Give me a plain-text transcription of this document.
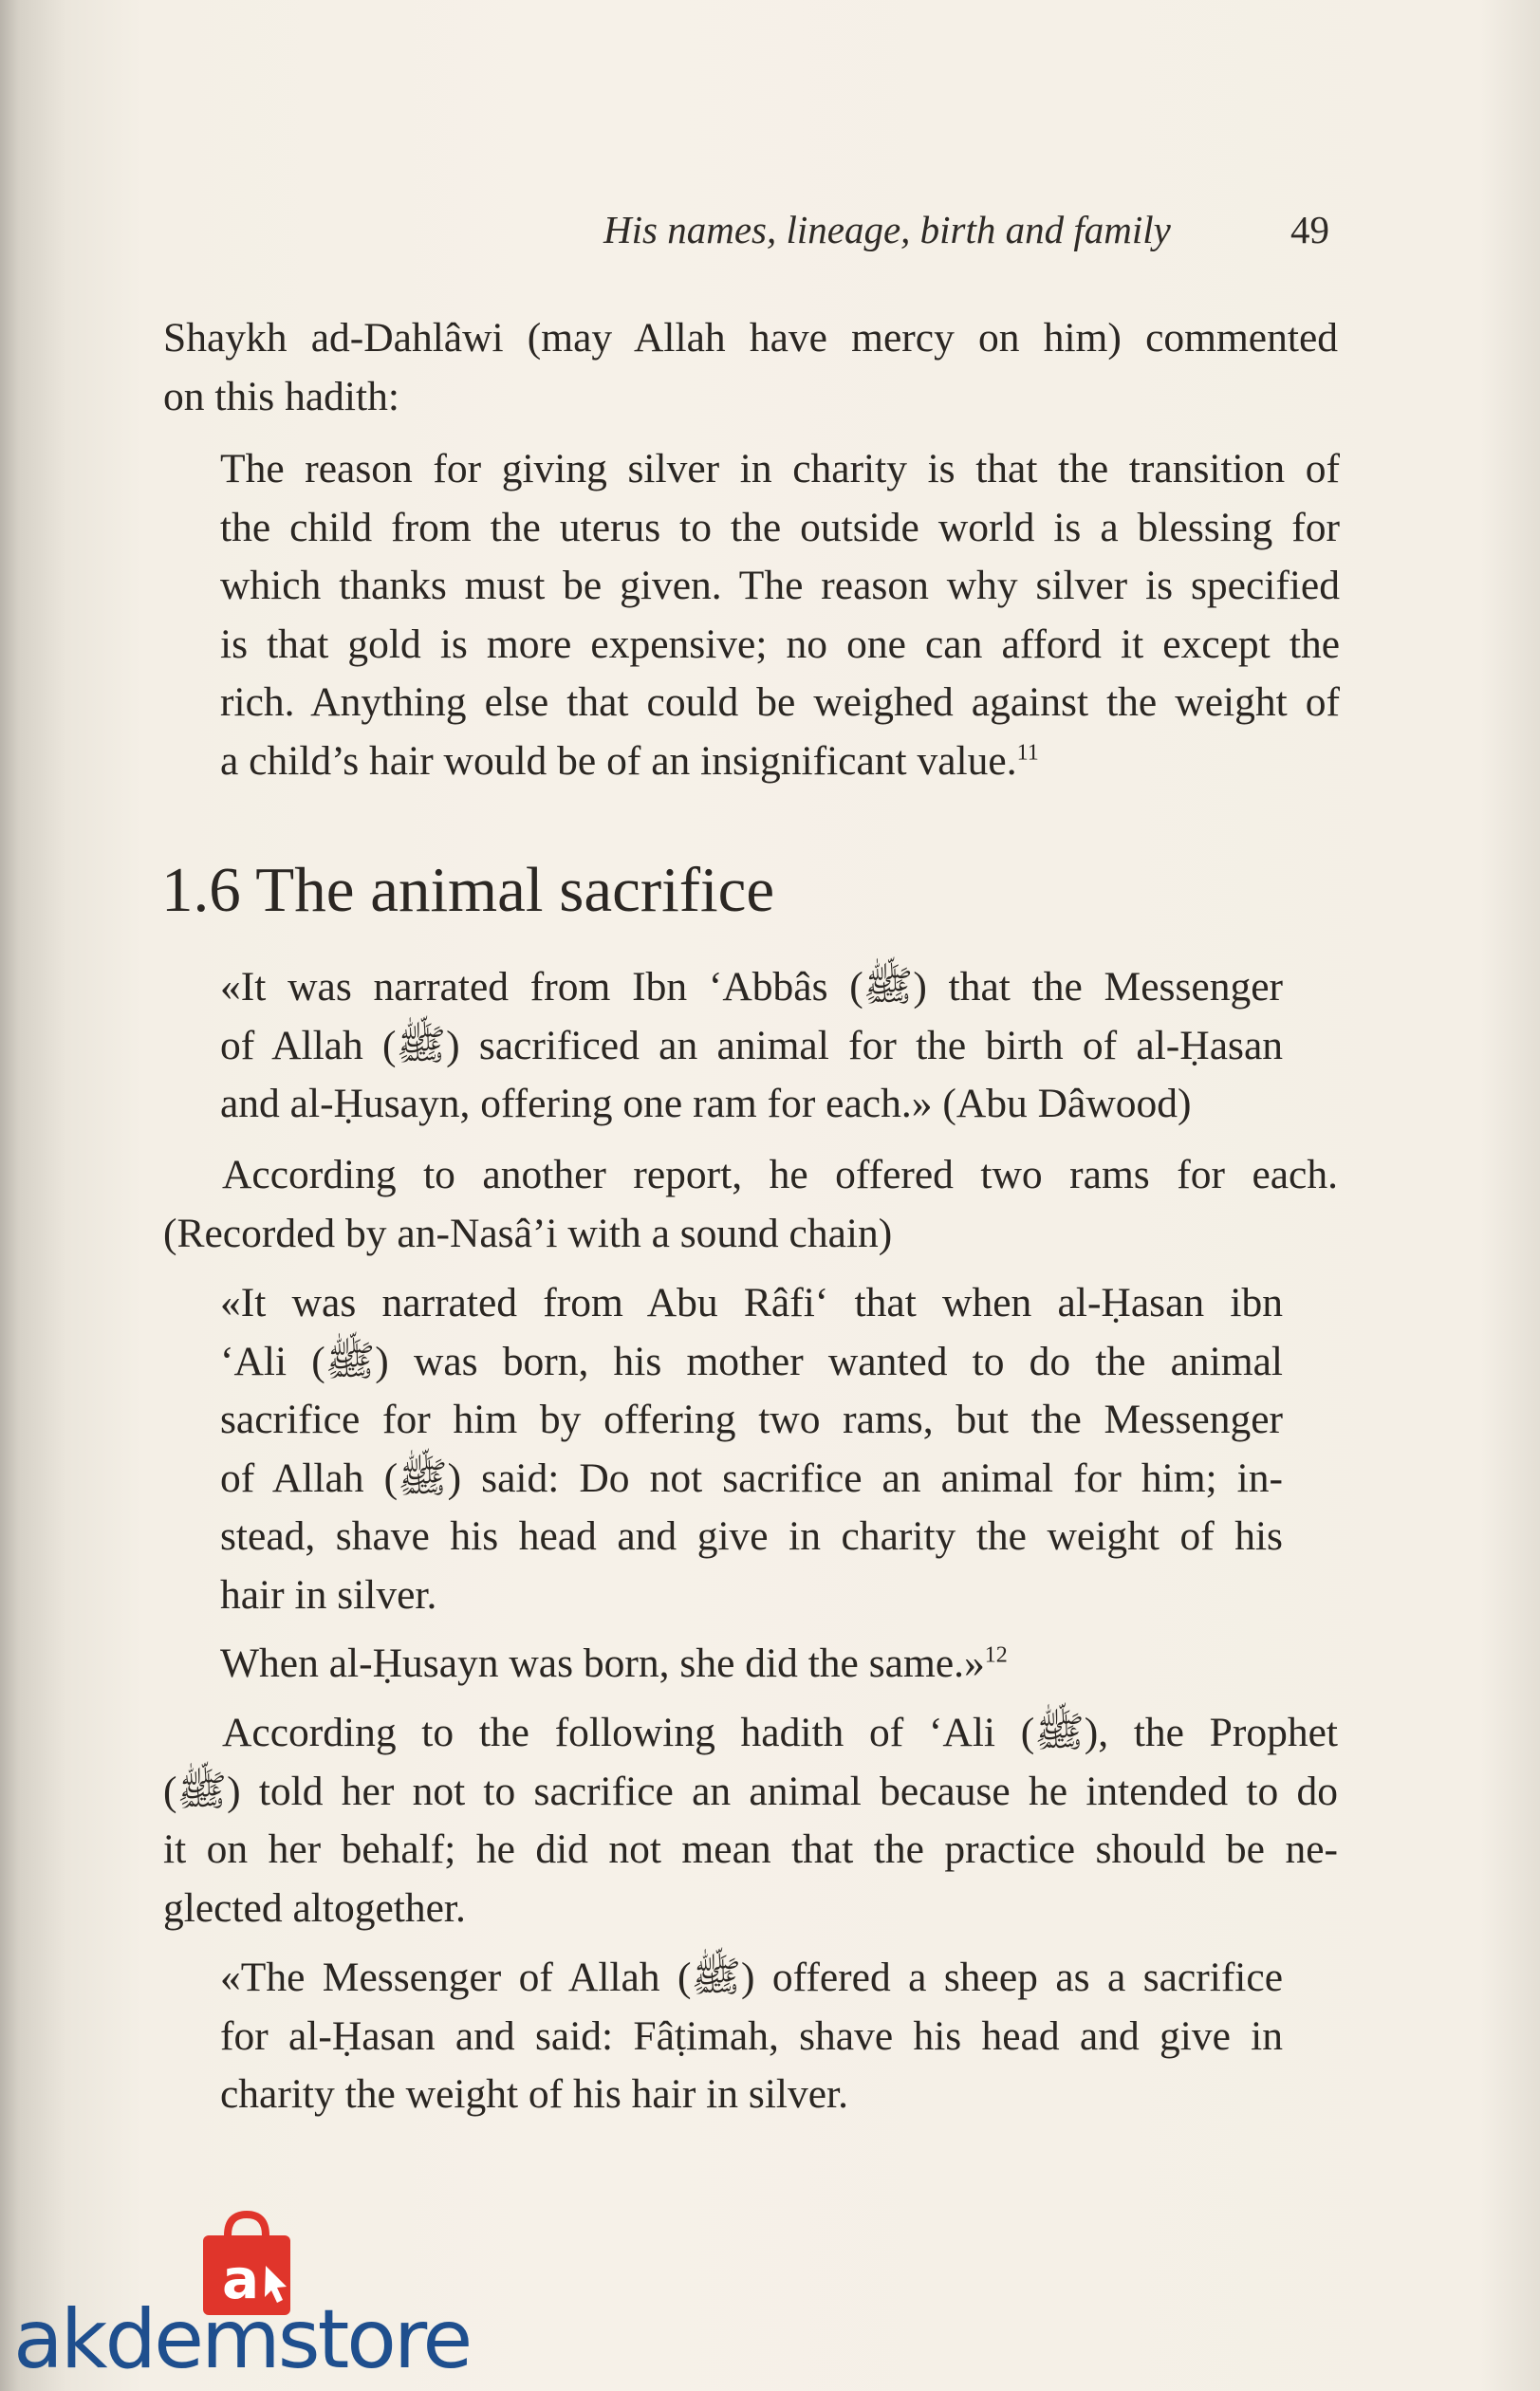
His names, lineage, birth and family	49
Shaykh ad-Dahlâwi (may Allah have mercy on him) commented
on this hadith:
The reason for giving silver in charity is that the transition of
the child from the uterus to the outside world is a blessing for
which thanks must be given. The reason why silver is specified
is that gold is more expensive; no one can afford it except the
rich. Anything else that could be weighed against the weight of
a child’s hair would be of an insignificant value.$^{11}$
1.6 The animal sacrifice
«It was narrated from Ibn ‘Abbâs (ﷺ) that the Messenger
of Allah (ﷺ) sacrificed an animal for the birth of al-Ḥasan
and al-Ḥusayn, offering one ram for each.» (Abu Dâwood)
According to another report, he offered two rams for each.
(Recorded by an-Nasâ’i with a sound chain)
«It was narrated from Abu Râfi‘ that when al-Ḥasan ibn
‘Ali (ﷺ) was born, his mother wanted to do the animal
sacrifice for him by offering two rams, but the Messenger
of Allah (ﷺ) said: Do not sacrifice an animal for him; in-
stead, shave his head and give in charity the weight of his
hair in silver.
When al-Ḥusayn was born, she did the same.»$^{12}$
According to the following hadith of ‘Ali (ﷺ), the Prophet
(ﷺ) told her not to sacrifice an animal because he intended to do
it on her behalf; he did not mean that the practice should be ne-
glected altogether.
«The Messenger of Allah (ﷺ) offered a sheep as a sacrifice
for al-Ḥasan and said: Fâṭimah, shave his head and give in
charity the weight of his hair in silver.
a
akdemstore
